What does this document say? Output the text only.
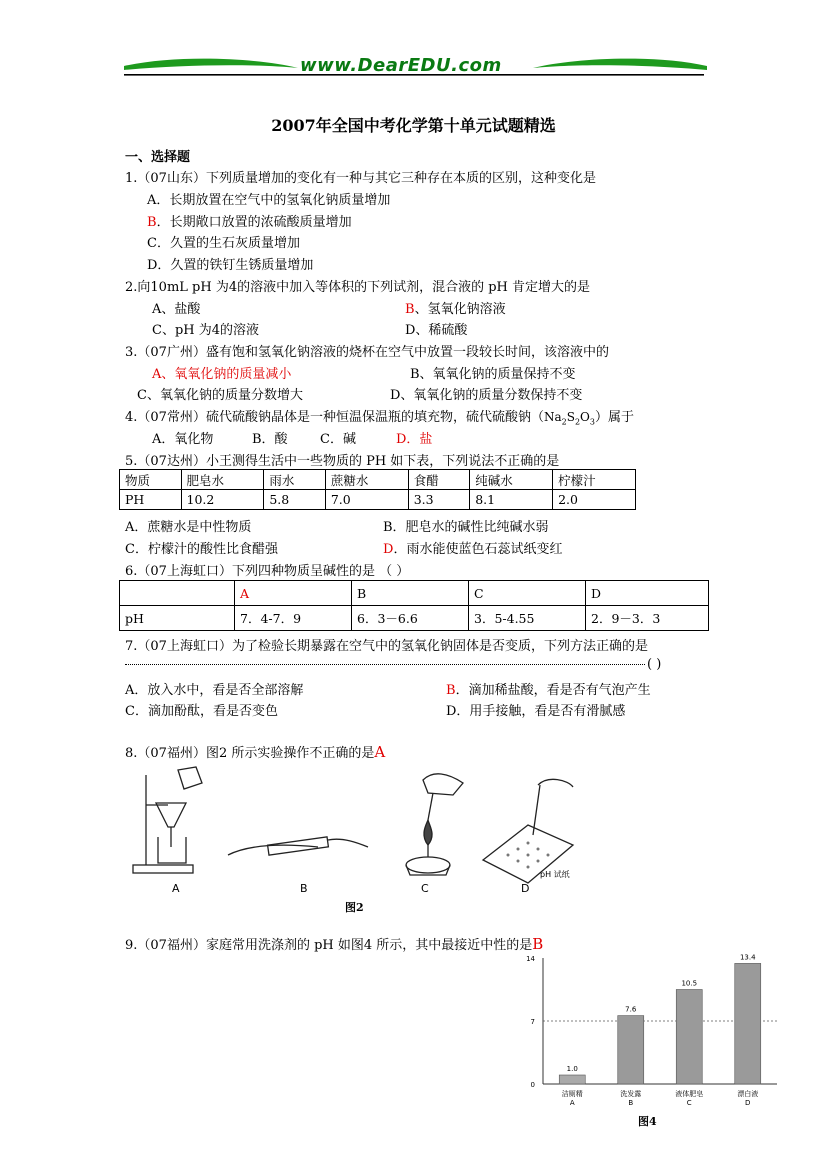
www.DearEDU.com
2007年全国中考化学第十单元试题精选
一、选择题
1.（07山东）下列质量增加的变化有一种与其它三种存在本质的区别，这种变化是
A．长期放置在空气中的氢氧化钠质量增加
B．长期敞口放置的浓硫酸质量增加
C．久置的生石灰质量增加
D．久置的铁钉生锈质量增加
2.向10mL pH 为4的溶液中加入等体积的下列试剂，混合液的 pH 肯定增大的是
A、盐酸	B、氢氧化钠溶液
C、pH 为4的溶液	D、稀硫酸
3.（07广州）盛有饱和氢氧化钠溶液的烧杯在空气中放置一段较长时间，该溶液中的
A、氧氧化钠的质量减小	B、氧氧化钠的质量保持不变
C、氧氧化钠的质量分数增大	D、氧氧化钠的质量分数保持不变
4.（07常州）硫代硫酸钠晶体是一种恒温保温瓶的填充物，硫代硫酸钠$(Na_2S_2O_3)$属于
A．氧化物	B．酸 C．碱	D．盐
5.（07达州）小王测得生活中一些物质的 PH 如下表，下列说法不正确的是
物质	肥皂水	雨水	蔗糖水	食醋	纯碱水	柠檬汁
PH	10.2	5.8	7.0	3.3	8.1	2.0
A．蔗糖水是中性物质	B．肥皂水的碱性比纯碱水弱
C．柠檬汁的酸性比食醋强	D．雨水能使蓝色石蕊试纸变红
6.（07上海虹口）下列四种物质呈碱性的是 （ ）
	A	B	C	D
pH	7．4-7．9	6．3－6.6	3．5-4.55	2．9－3．3
7.（07上海虹口）为了检验长期暴露在空气中的氢氧化钠固体是否变质，下列方法正确的是
( )
A．放入水中，看是否全部溶解	B．滴加稀盐酸，看是否有气泡产生
C．滴加酚酞，看是否变色	D．用手接触，看是否有滑腻感
8.（07福州）图2 所示实验操作不正确的是A
A	B	C	D
pH 试纸
图2
9.（07福州）家庭常用洗涤剂的 pH 如图4 所示，其中最接近中性的是B
0
7
14
1.0
洁厕精
A
7.6
洗发露
B
10.5
液体肥皂
C
13.4
漂白液
D
图4
